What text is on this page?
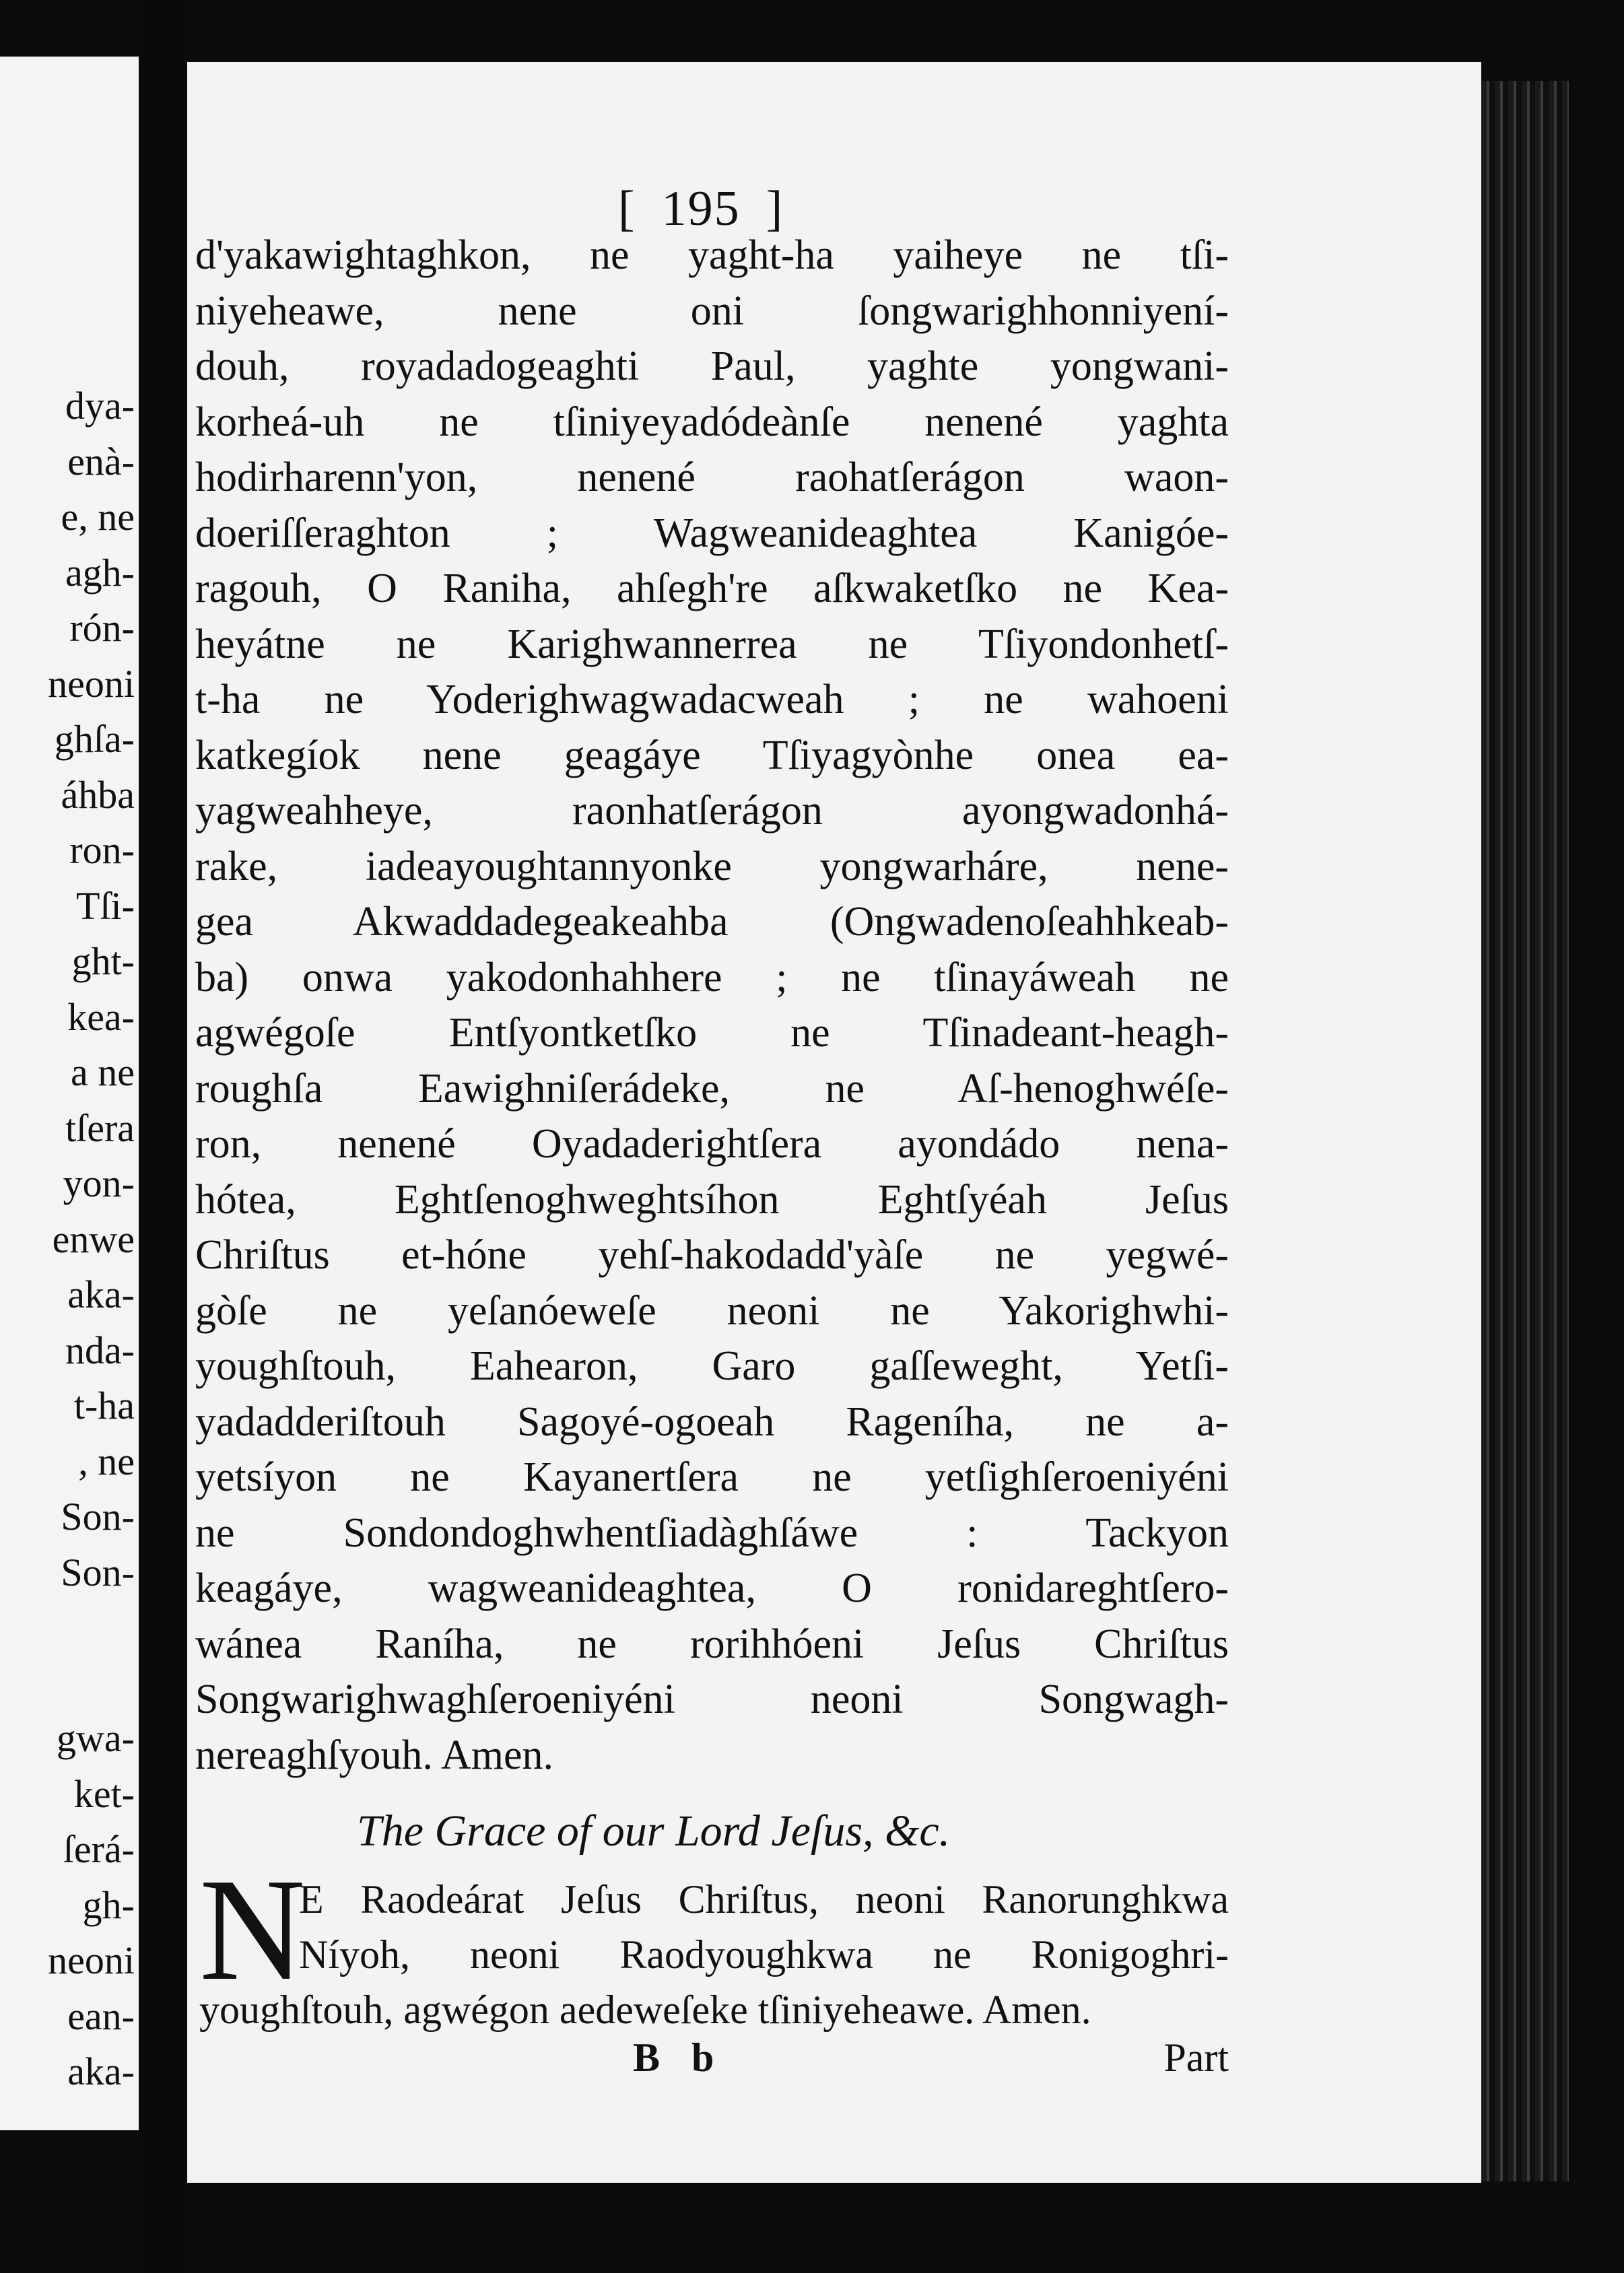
dya-
enà-
e, ne
agh-
rón-
neoni
ghſa-
áhba
ron-
Tſi-
ght-
kea-
a ne
tſera
yon-
enwe
aka-
nda-
t-ha
, ne
Son-
Son-
gwa-
ket-
ſerá-
gh-
neoni
ean-
aka-
[ 195 ]
d'yakawightaghkon, ne yaght-ha yaiheye ne tſi-
niyeheawe, nene oni ſongwarighhonniyení-
douh, royadadogeaghti Paul, yaghte yongwani-
korheá-uh ne tſiniyeyadódeànſe nenené yaghta
hodirharenn'yon, nenené raohatſerágon waon-
doeriſſeraghton ; Wagweanideaghtea Kanigóe-
ragouh, O Raniha, ahſegh're aſkwaketſko ne Kea-
heyátne ne Karighwannerrea ne Tſiyondonhetſ-
t-ha ne Yoderighwagwadacweah ; ne wahoeni
katkegíok nene geagáye Tſiyagyònhe onea ea-
yagweahheye, raonhatſerágon ayongwadonhá-
rake, iadeayoughtannyonke yongwarháre, nene-
gea Akwaddadegeakeahba (Ongwadenoſeahhkeab-
ba) onwa yakodonhahhere ; ne tſinayáweah ne
agwégoſe Entſyontketſko ne Tſinadeant-heagh-
roughſa Eawighniſerádeke, ne Aſ-henoghwéſe-
ron, nenené Oyadaderightſera ayondádo nena-
hótea, Eghtſenoghweghtsíhon Eghtſyéah Jeſus
Chriſtus et-hóne yehſ-hakodadd'yàſe ne yegwé-
gòſe ne yeſanóeweſe neoni ne Yakorighwhi-
youghſtouh, Eahearon, Garo gaſſeweght, Yetſi-
yadadderiſtouh Sagoyé-ogoeah Rageníha, ne a-
yetsíyon ne Kayanertſera ne yetſighſeroeniyéni
ne Sondondoghwhentſiadàghſáwe : Tackyon
keagáye, wagweanideaghtea, O ronidareghtſero-
wánea Raníha, ne rorihhóeni Jeſus Chriſtus
Songwarighwaghſeroeniyéni neoni Songwagh-
nereaghſyouh. Amen.
The Grace of our Lord Jeſus, &c.
N
E Raodeárat Jeſus Chriſtus, neoni Ranorunghkwa
Níyoh, neoni Raodyoughkwa ne Ronigoghri-
youghſtouh, agwégon aedeweſeke tſiniyeheawe. Amen.
B b	Part
